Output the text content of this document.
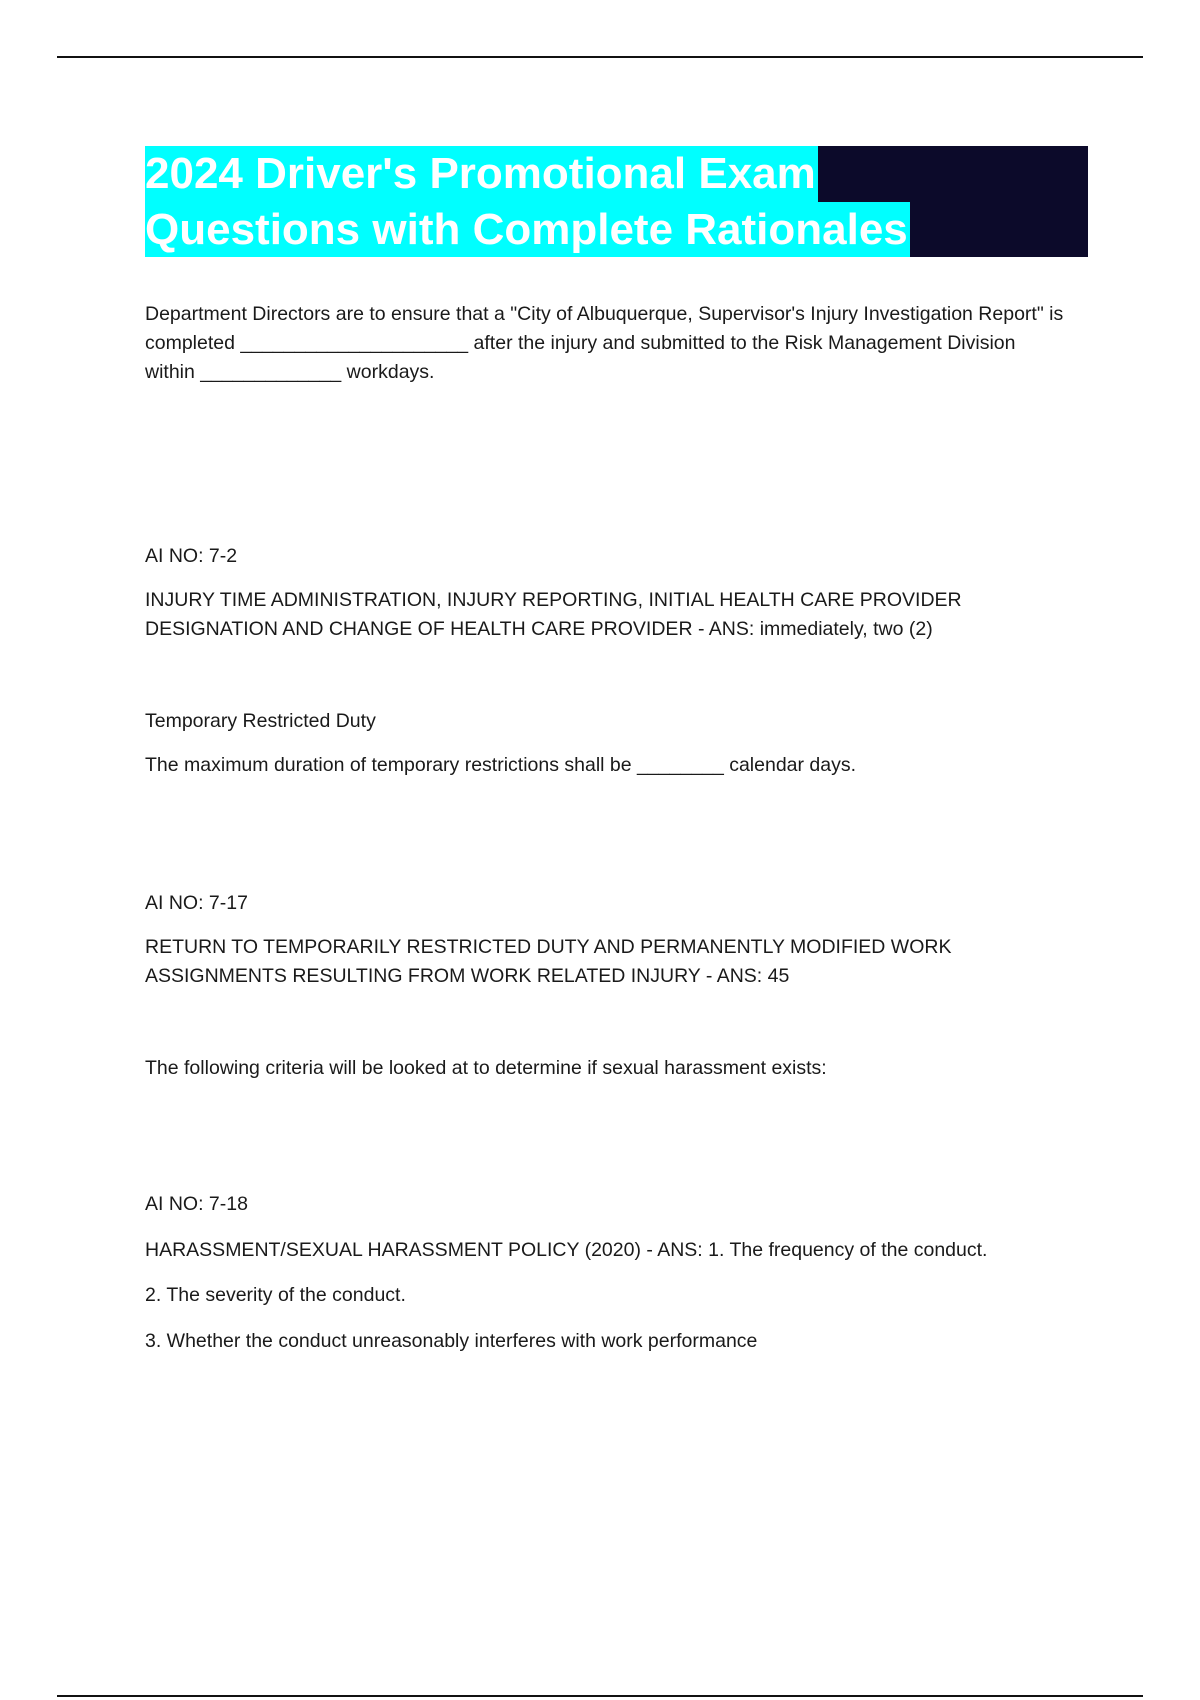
2024 Driver's Promotional Exam
Questions with Complete Rationales

Department Directors are to ensure that a "City of Albuquerque, Supervisor's Injury Investigation Report" is completed _____________________ after the injury and submitted to the Risk Management Division within _____________ workdays.

AI NO: 7-2

INJURY TIME ADMINISTRATION, INJURY REPORTING, INITIAL HEALTH CARE PROVIDER DESIGNATION AND CHANGE OF HEALTH CARE PROVIDER - ANS: immediately, two (2)

Temporary Restricted Duty

The maximum duration of temporary restrictions shall be ________ calendar days.

AI NO: 7-17

RETURN TO TEMPORARILY RESTRICTED DUTY AND PERMANENTLY MODIFIED WORK ASSIGNMENTS RESULTING FROM WORK RELATED INJURY - ANS: 45

The following criteria will be looked at to determine if sexual harassment exists:

AI NO: 7-18

HARASSMENT/SEXUAL HARASSMENT POLICY (2020) - ANS: 1. The frequency of the conduct.

2. The severity of the conduct.

3. Whether the conduct unreasonably interferes with work performance
